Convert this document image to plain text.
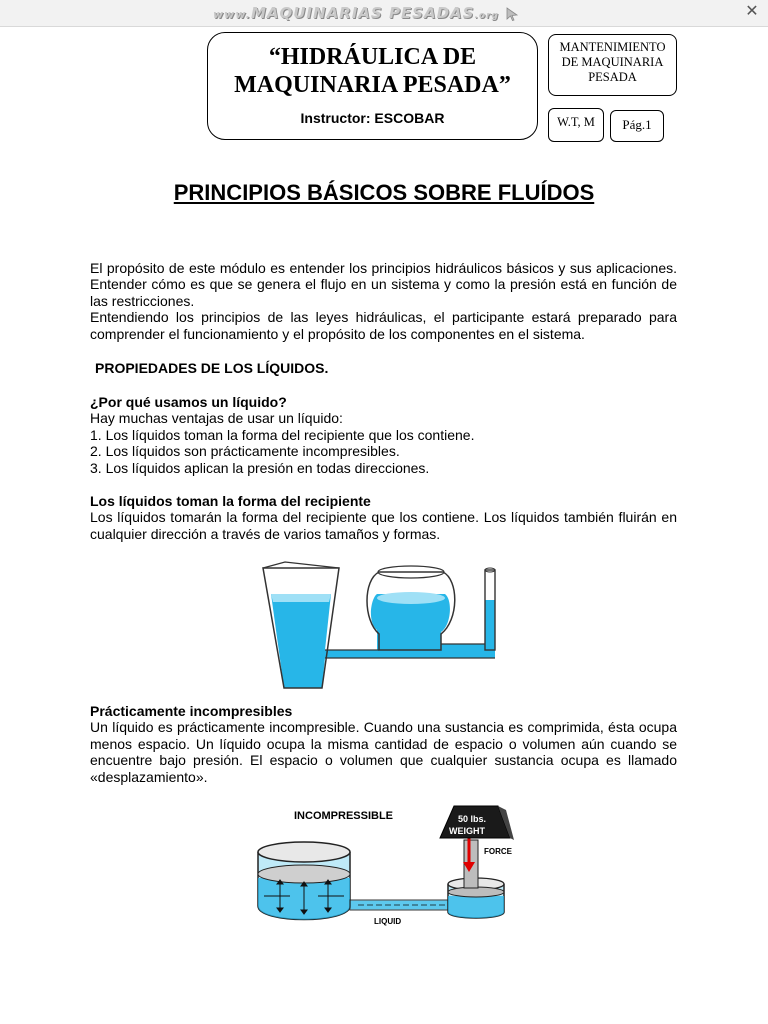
www.MAQUINARIAS PESADAS.org	✕
“HIDRÁULICA DE
MAQUINARIA PESADA”
Instructor: ESCOBAR
MANTENIMIENTO
DE MAQUINARIA
PESADA
W.T, M	Pág.1
PRINCIPIOS BÁSICOS SOBRE FLUÍDOS

El propósito de este módulo es entender los principios hidráulicos básicos y sus aplicaciones. Entender cómo es que se genera el flujo en un sistema y como la presión está en función de las restricciones.

Entendiendo los principios de las leyes hidráulicas, el participante estará preparado para comprender el funcionamiento y el propósito de los componentes en el sistema.

PROPIEDADES DE LOS LÍQUIDOS.

¿Por qué usamos un líquido?

Hay muchas ventajas de usar un líquido:

1. Los líquidos toman la forma del recipiente que los contiene.

2. Los líquidos son prácticamente incompresibles.

3. Los líquidos aplican la presión en todas direcciones.

Los líquidos toman la forma del recipiente

Los líquidos tomarán la forma del recipiente que los contiene. Los líquidos también fluirán en cualquier dirección a través de varios tamaños y formas.

Prácticamente incompresibles

Un líquido es prácticamente incompresible. Cuando una sustancia es comprimida, ésta ocupa menos espacio. Un líquido ocupa la misma cantidad de espacio o volumen aún cuando se encuentre bajo presión. El espacio o volumen que cualquier sustancia ocupa es llamado «desplazamiento».

INCOMPRESSIBLE
LIQUID
FORCE
50 lbs.
WEIGHT
